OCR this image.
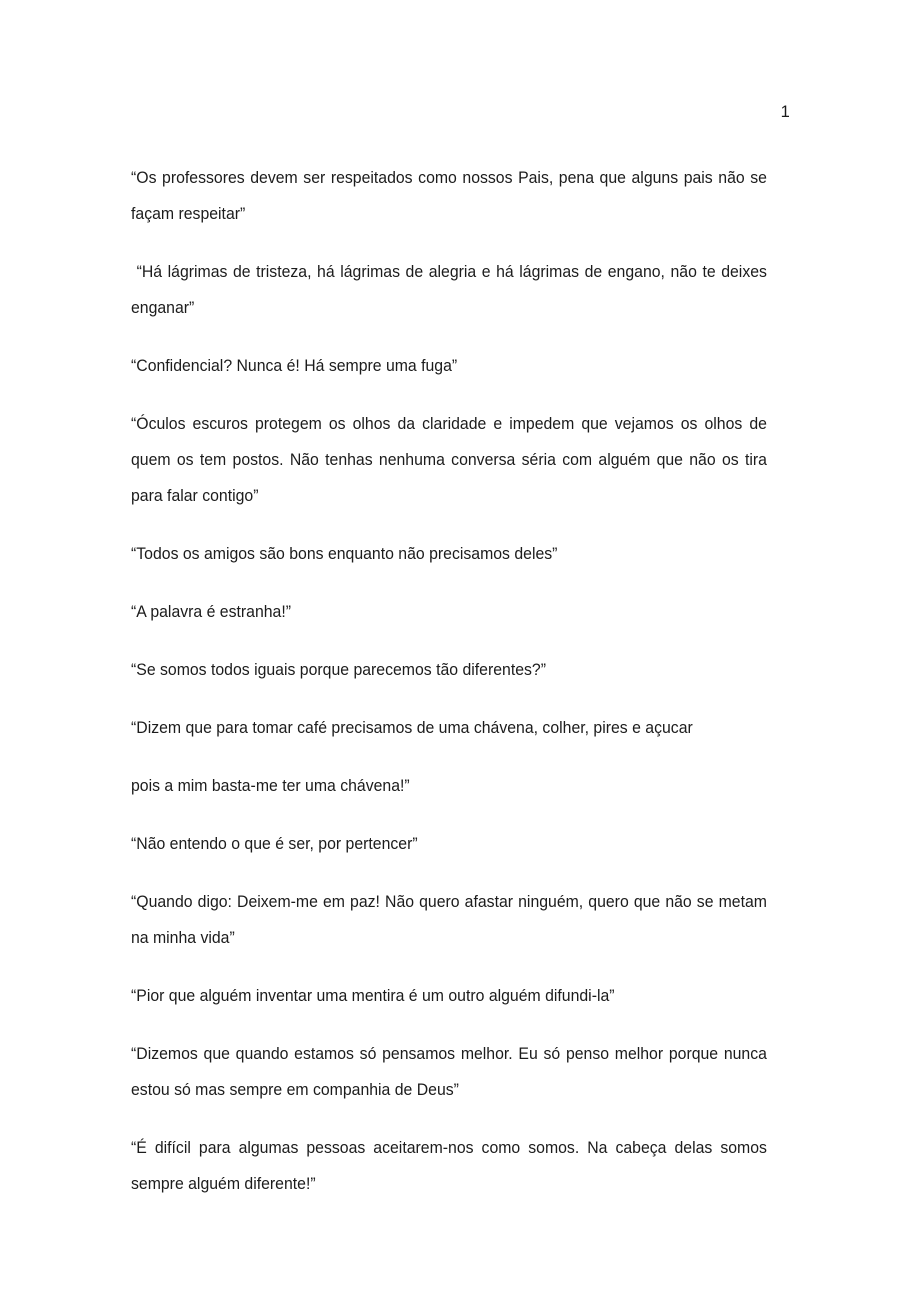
1

“Os professores devem ser respeitados como nossos Pais, pena que alguns pais não se façam respeitar”

“Há lágrimas de tristeza, há lágrimas de alegria e há lágrimas de engano, não te deixes enganar”

“Confidencial? Nunca é! Há sempre uma fuga”

“Óculos escuros protegem os olhos da claridade e impedem que vejamos os olhos de quem os tem postos. Não tenhas nenhuma conversa séria com alguém que não os tira para falar contigo”

“Todos os amigos são bons enquanto não precisamos deles”

“A palavra é estranha!”

“Se somos todos iguais porque parecemos tão diferentes?”

“Dizem que para tomar café precisamos de uma chávena, colher, pires e açucar

pois a mim basta-me ter uma chávena!”

“Não entendo o que é ser, por pertencer”

“Quando digo: Deixem-me em paz! Não quero afastar ninguém, quero que não se metam na minha vida”

“Pior que alguém inventar uma mentira é um outro alguém difundi-la”

“Dizemos que quando estamos só pensamos melhor. Eu só penso melhor porque nunca estou só mas sempre em companhia de Deus”

“É difícil para algumas pessoas aceitarem-nos como somos. Na cabeça delas somos sempre alguém diferente!”
